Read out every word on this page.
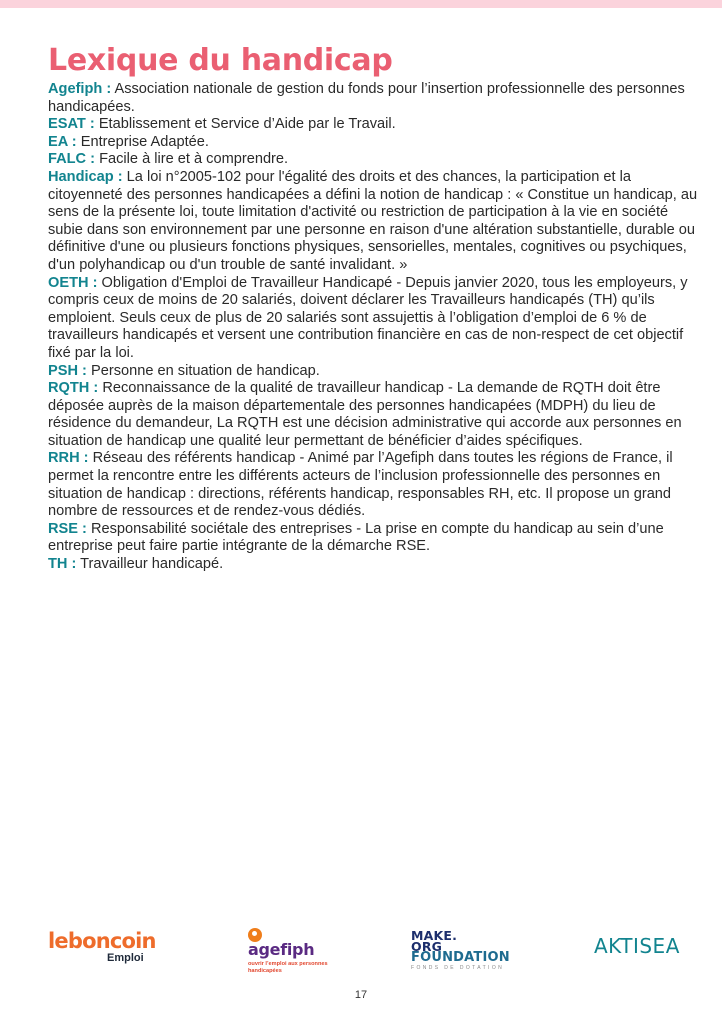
Lexique du handicap

Agefiph : Association nationale de gestion du fonds pour l’insertion professionnelle des personnes handicapées.

ESAT : Etablissement et Service d’Aide par le Travail.

EA : Entreprise Adaptée.

FALC : Facile à lire et à comprendre.

Handicap : La loi n°2005-102 pour l'égalité des droits et des chances, la participation et la citoyenneté des personnes handicapées a défini la notion de handicap : « Constitue un handicap, au sens de la présente loi, toute limitation d'activité ou restriction de participation à la vie en société subie dans son environnement par une personne en raison d'une altération substantielle, durable ou définitive d'une ou plusieurs fonctions physiques, sensorielles, mentales, cognitives ou psychiques, d'un polyhandicap ou d'un trouble de santé invalidant. »

OETH : Obligation d'Emploi de Travailleur Handicapé - Depuis janvier 2020, tous les employeurs, y compris ceux de moins de 20 salariés, doivent déclarer les Travailleurs handicapés (TH) qu’ils emploient. Seuls ceux de plus de 20 salariés sont assujettis à l’obligation d’emploi de 6 % de travailleurs handicapés et versent une contribution financière en cas de non-respect de cet objectif fixé par la loi.

PSH : Personne en situation de handicap.

RQTH : Reconnaissance de la qualité de travailleur handicap - La demande de RQTH doit être déposée auprès de la maison départementale des personnes handicapées (MDPH) du lieu de résidence du demandeur, La RQTH est une décision administrative qui accorde aux personnes en situation de handicap une qualité leur permettant de bénéficier d’aides spécifiques.

RRH : Réseau des référents handicap - Animé par l’Agefiph dans toutes les régions de France, il permet la rencontre entre les différents acteurs de l’inclusion professionnelle des personnes en situation de handicap : directions, référents handicap, responsables RH, etc. Il propose un grand nombre de ressources et de rendez-vous dédiés.

RSE : Responsabilité sociétale des entreprises - La prise en compte du handicap au sein d’une entreprise peut faire partie intégrante de la démarche RSE.

TH : Travailleur handicapé.

leboncoin
Emploi	agefiph
ouvrir l’emploi aux personnes handicapées
MAKE.
ORG
FOUNDATION
FONDS DE DOTATION
AKTISEA

17
